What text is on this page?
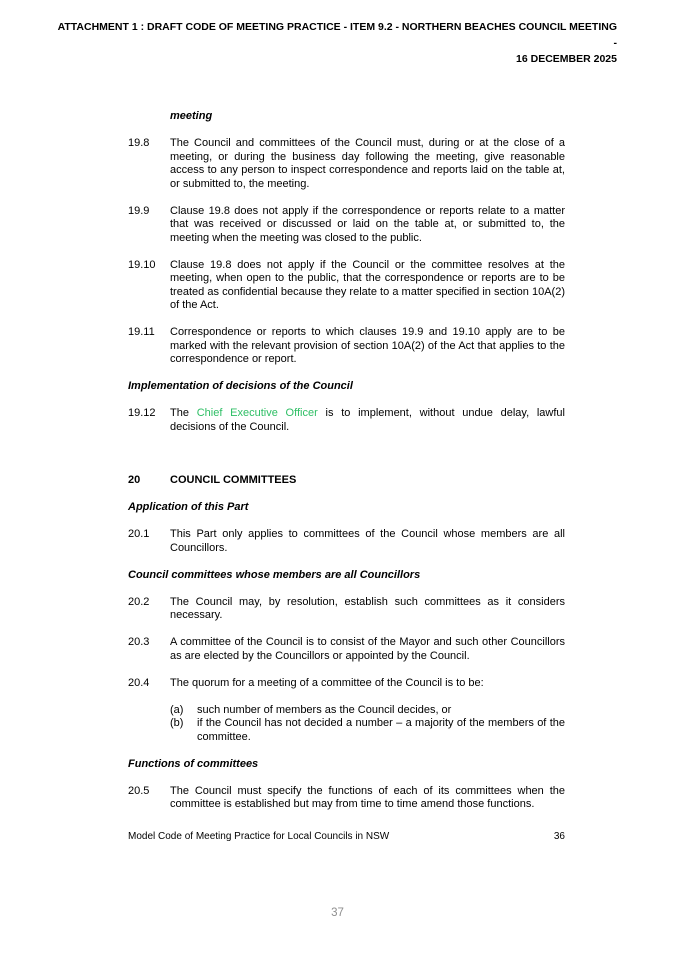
ATTACHMENT 1 : DRAFT CODE OF MEETING PRACTICE - ITEM 9.2 - NORTHERN BEACHES COUNCIL MEETING -
16 DECEMBER 2025
meeting
19.8	The Council and committees of the Council must, during or at the close of a meeting, or during the business day following the meeting, give reasonable access to any person to inspect correspondence and reports laid on the table at, or submitted to, the meeting.
19.9	Clause 19.8 does not apply if the correspondence or reports relate to a matter that was received or discussed or laid on the table at, or submitted to, the meeting when the meeting was closed to the public.
19.10	Clause 19.8 does not apply if the Council or the committee resolves at the meeting, when open to the public, that the correspondence or reports are to be treated as confidential because they relate to a matter specified in section 10A(2) of the Act.
19.11	Correspondence or reports to which clauses 19.9 and 19.10 apply are to be marked with the relevant provision of section 10A(2) of the Act that applies to the correspondence or report.
Implementation of decisions of the Council
19.12	The Chief Executive Officer is to implement, without undue delay, lawful decisions of the Council.
20	COUNCIL COMMITTEES
Application of this Part
20.1	This Part only applies to committees of the Council whose members are all Councillors.
Council committees whose members are all Councillors
20.2	The Council may, by resolution, establish such committees as it considers necessary.
20.3	A committee of the Council is to consist of the Mayor and such other Councillors as are elected by the Councillors or appointed by the Council.
20.4	The quorum for a meeting of a committee of the Council is to be:
(a)	such number of members as the Council decides, or
(b)	if the Council has not decided a number – a majority of the members of the committee.
Functions of committees
20.5	The Council must specify the functions of each of its committees when the committee is established but may from time to time amend those functions.
Model Code of Meeting Practice for Local Councils in NSW	36
37
